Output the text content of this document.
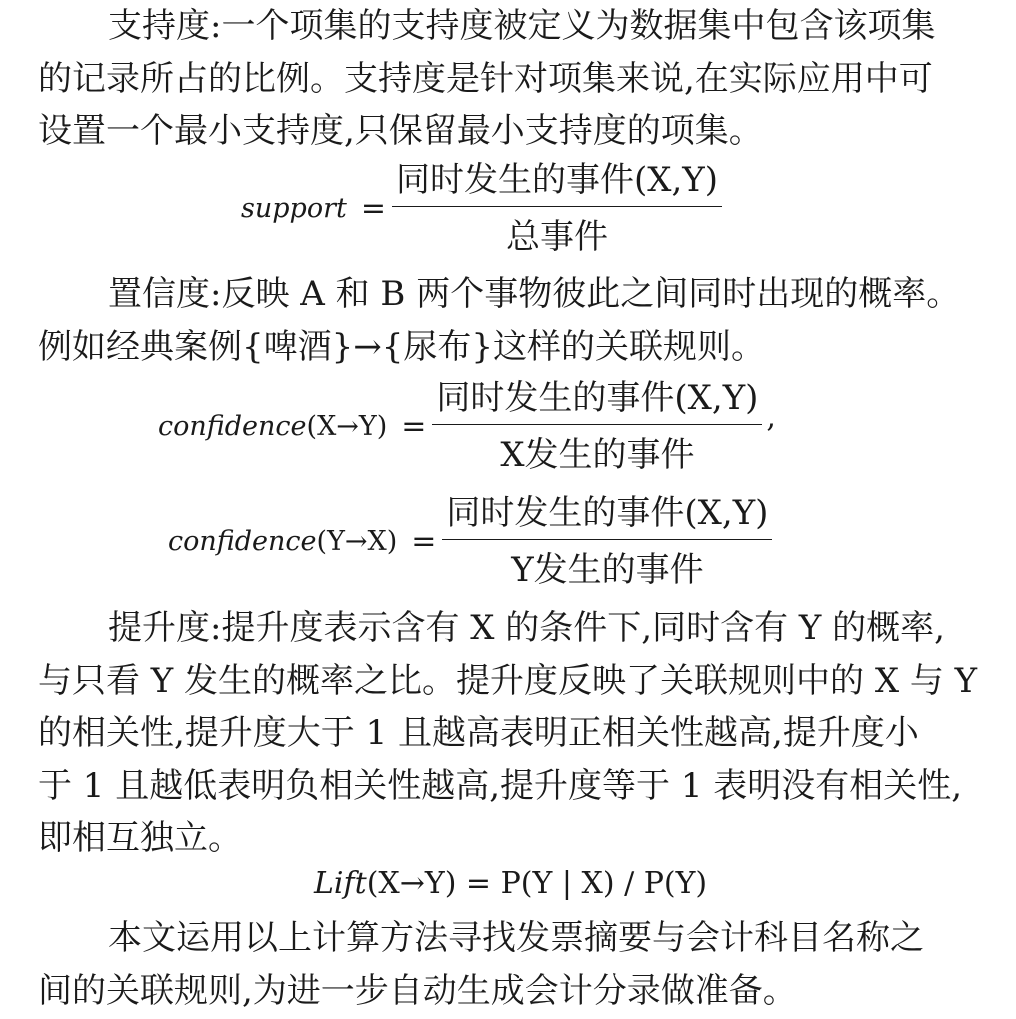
支持度:一个项集的支持度被定义为数据集中包含该项集
的记录所占的比例。支持度是针对项集来说,在实际应用中可
设置一个最小支持度,只保留最小支持度的项集。

support = $\frac{\text{同时发生的事件(X,Y)}}{\text{总事件}}$

置信度:反映 A 和 B 两个事物彼此之间同时出现的概率。
例如经典案例{啤酒}→{尿布}这样的关联规则。

confidence(X→Y) = $\frac{\text{同时发生的事件(X,Y)}}{\text{X发生的事件}}$ ,
confidence(Y→X) = $\frac{\text{同时发生的事件(X,Y)}}{\text{Y发生的事件}}$

提升度:提升度表示含有 X 的条件下,同时含有 Y 的概率,
与只看 Y 发生的概率之比。提升度反映了关联规则中的 X 与 Y
的相关性,提升度大于 1 且越高表明正相关性越高,提升度小
于 1 且越低表明负相关性越高,提升度等于 1 表明没有相关性,
即相互独立。

Lift(X→Y) = P(Y | X) / P(Y)

本文运用以上计算方法寻找发票摘要与会计科目名称之
间的关联规则,为进一步自动生成会计分录做准备。
